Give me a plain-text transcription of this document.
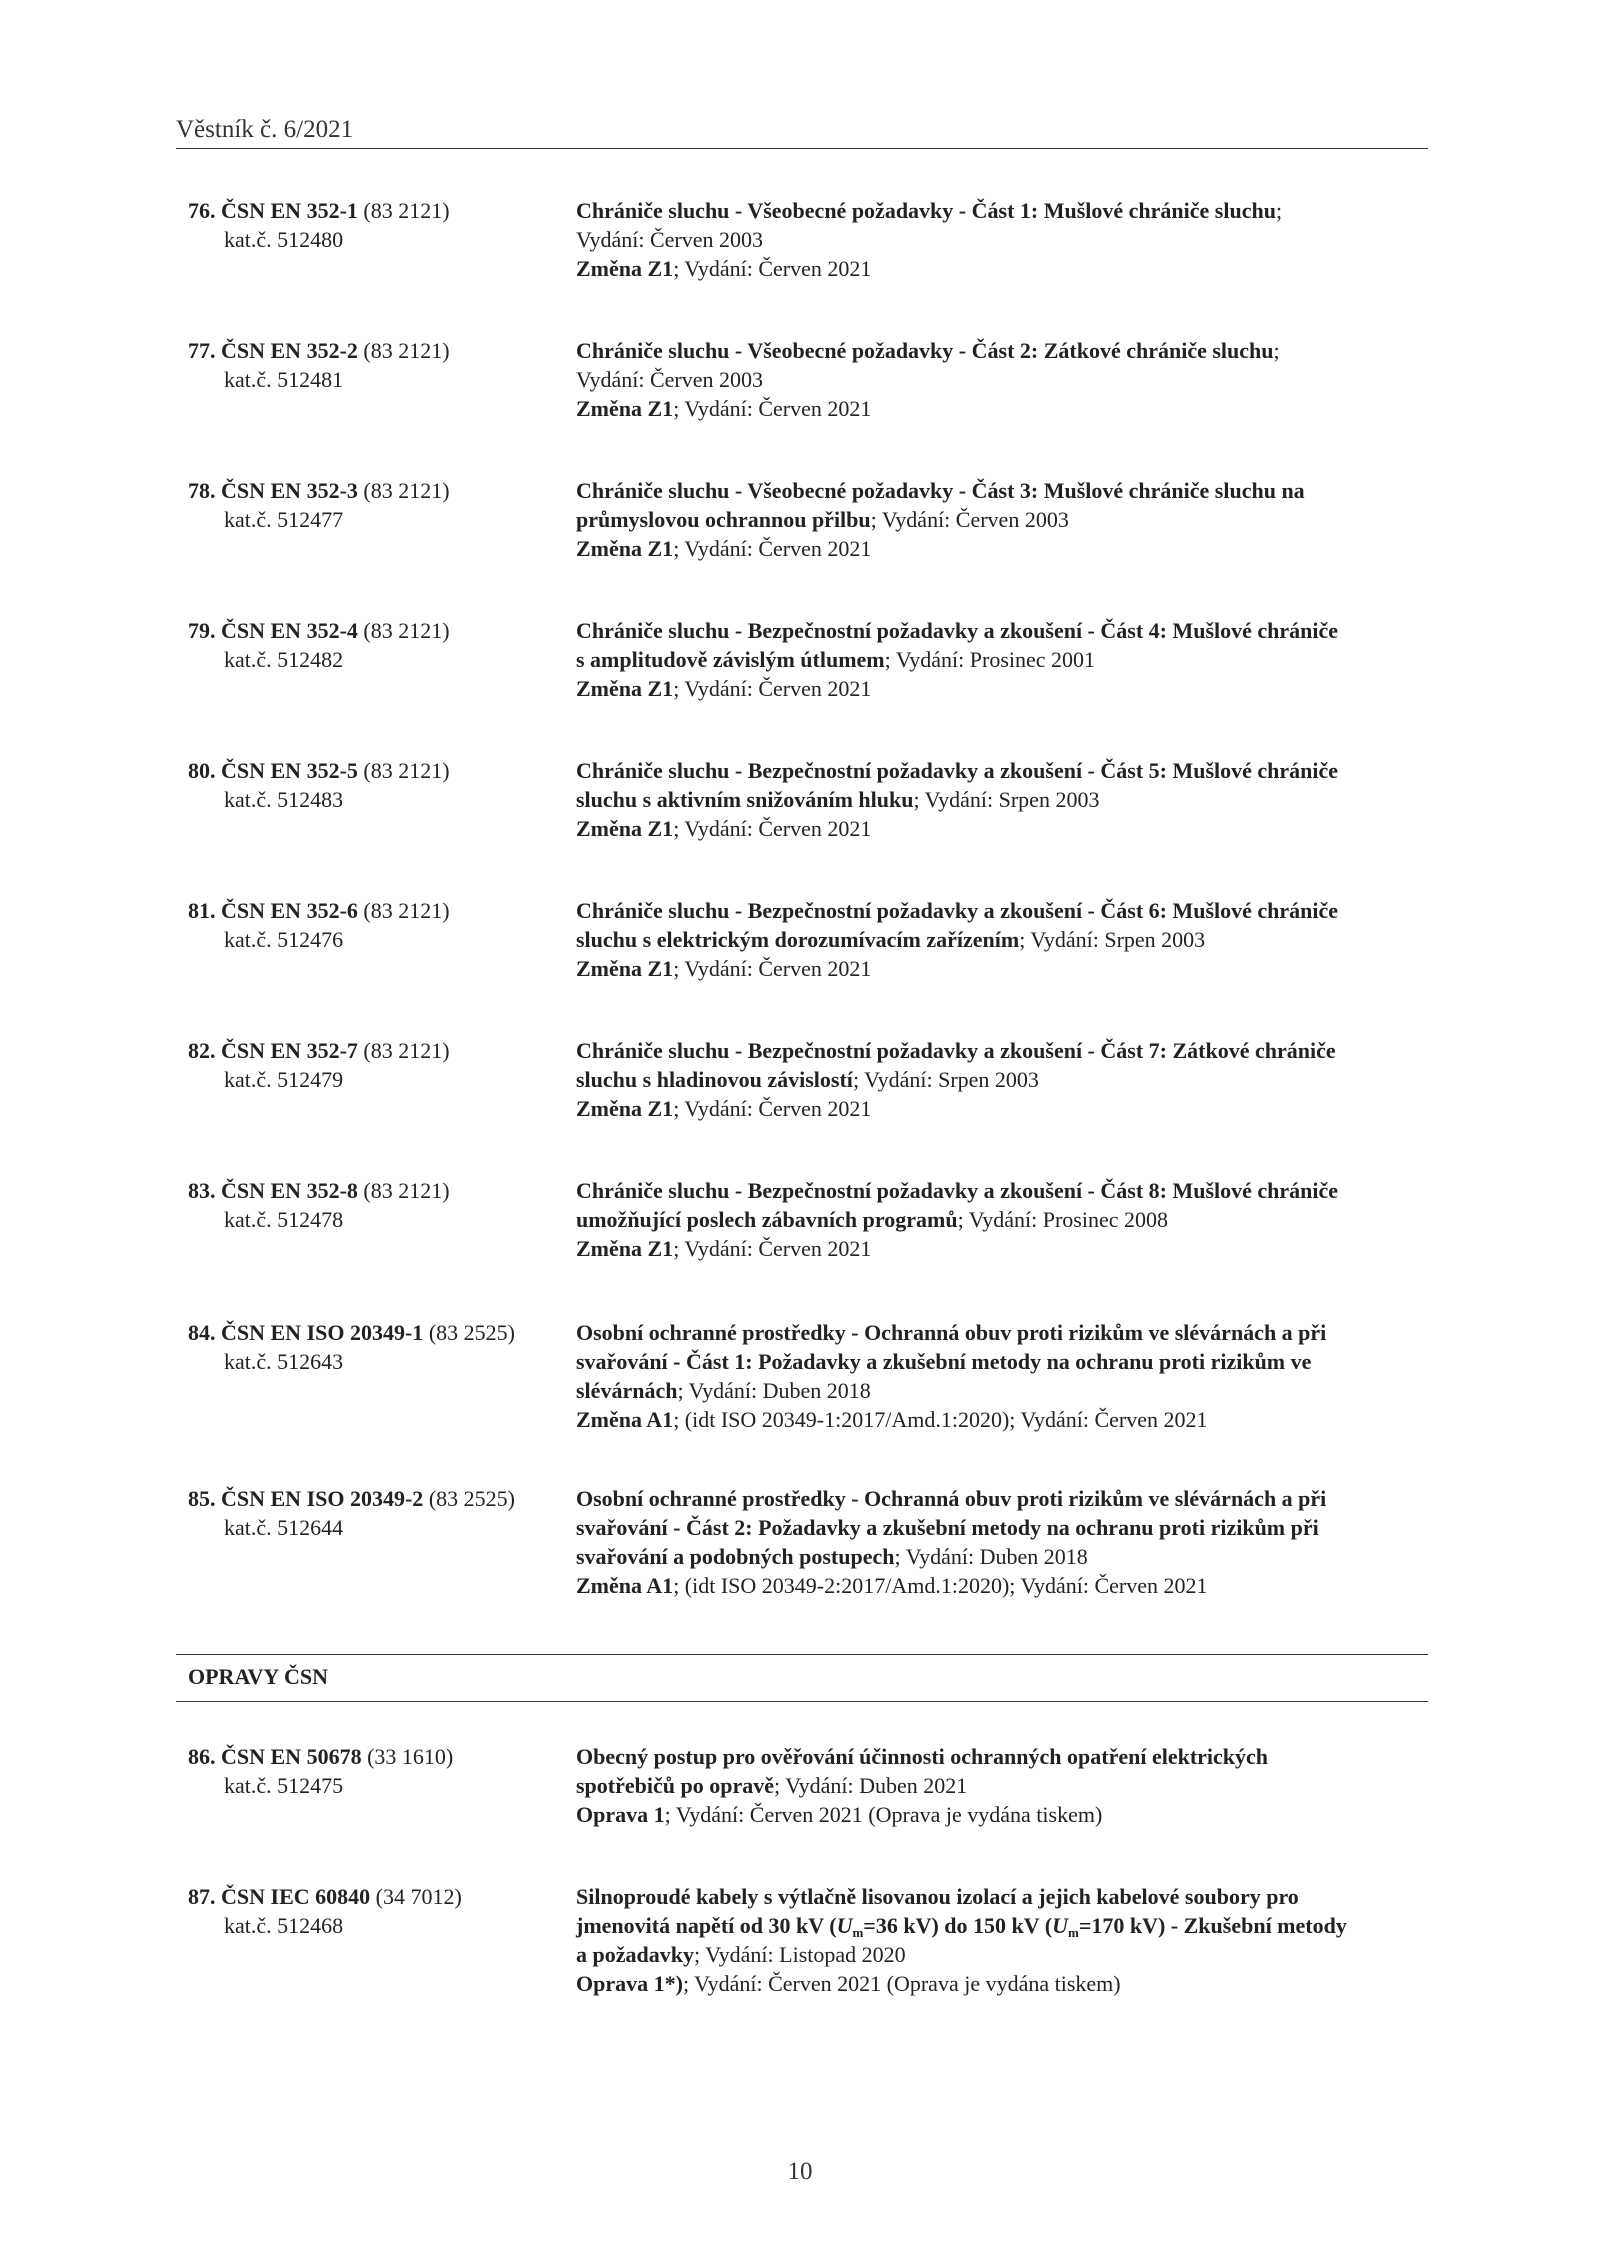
Věstník č. 6/2021
76. ČSN EN 352-1 (83 2121)
kat.č. 512480
Chrániče sluchu - Všeobecné požadavky - Část 1: Mušlové chrániče sluchu;
Vydání: Červen 2003
Změna Z1; Vydání: Červen 2021
77. ČSN EN 352-2 (83 2121)
kat.č. 512481
Chrániče sluchu - Všeobecné požadavky - Část 2: Zátkové chrániče sluchu;
Vydání: Červen 2003
Změna Z1; Vydání: Červen 2021
78. ČSN EN 352-3 (83 2121)
kat.č. 512477
Chrániče sluchu - Všeobecné požadavky - Část 3: Mušlové chrániče sluchu na
průmyslovou ochrannou přilbu; Vydání: Červen 2003
Změna Z1; Vydání: Červen 2021
79. ČSN EN 352-4 (83 2121)
kat.č. 512482
Chrániče sluchu - Bezpečnostní požadavky a zkoušení - Část 4: Mušlové chrániče
s amplitudově závislým útlumem; Vydání: Prosinec 2001
Změna Z1; Vydání: Červen 2021
80. ČSN EN 352-5 (83 2121)
kat.č. 512483
Chrániče sluchu - Bezpečnostní požadavky a zkoušení - Část 5: Mušlové chrániče
sluchu s aktivním snižováním hluku; Vydání: Srpen 2003
Změna Z1; Vydání: Červen 2021
81. ČSN EN 352-6 (83 2121)
kat.č. 512476
Chrániče sluchu - Bezpečnostní požadavky a zkoušení - Část 6: Mušlové chrániče
sluchu s elektrickým dorozumívacím zařízením; Vydání: Srpen 2003
Změna Z1; Vydání: Červen 2021
82. ČSN EN 352-7 (83 2121)
kat.č. 512479
Chrániče sluchu - Bezpečnostní požadavky a zkoušení - Část 7: Zátkové chrániče
sluchu s hladinovou závislostí; Vydání: Srpen 2003
Změna Z1; Vydání: Červen 2021
83. ČSN EN 352-8 (83 2121)
kat.č. 512478
Chrániče sluchu - Bezpečnostní požadavky a zkoušení - Část 8: Mušlové chrániče
umožňující poslech zábavních programů; Vydání: Prosinec 2008
Změna Z1; Vydání: Červen 2021
84. ČSN EN ISO 20349-1 (83 2525)
kat.č. 512643
Osobní ochranné prostředky - Ochranná obuv proti rizikům ve slévárnách a při
svařování - Část 1: Požadavky a zkušební metody na ochranu proti rizikům ve
slévárnách; Vydání: Duben 2018
Změna A1; (idt ISO 20349-1:2017/Amd.1:2020); Vydání: Červen 2021
85. ČSN EN ISO 20349-2 (83 2525)
kat.č. 512644
Osobní ochranné prostředky - Ochranná obuv proti rizikům ve slévárnách a při
svařování - Část 2: Požadavky a zkušební metody na ochranu proti rizikům při
svařování a podobných postupech; Vydání: Duben 2018
Změna A1; (idt ISO 20349-2:2017/Amd.1:2020); Vydání: Červen 2021
OPRAVY ČSN
86. ČSN EN 50678 (33 1610)
kat.č. 512475
Obecný postup pro ověřování účinnosti ochranných opatření elektrických
spotřebičů po opravě; Vydání: Duben 2021
Oprava 1; Vydání: Červen 2021 (Oprava je vydána tiskem)
87. ČSN IEC 60840 (34 7012)
kat.č. 512468
Silnoproudé kabely s výtlačně lisovanou izolací a jejich kabelové soubory pro
jmenovitá napětí od 30 kV ($U_m=36$ kV) do 150 kV ($U_m=170$ kV) - Zkušební metody
a požadavky; Vydání: Listopad 2020
Oprava 1*); Vydání: Červen 2021 (Oprava je vydána tiskem)
10
